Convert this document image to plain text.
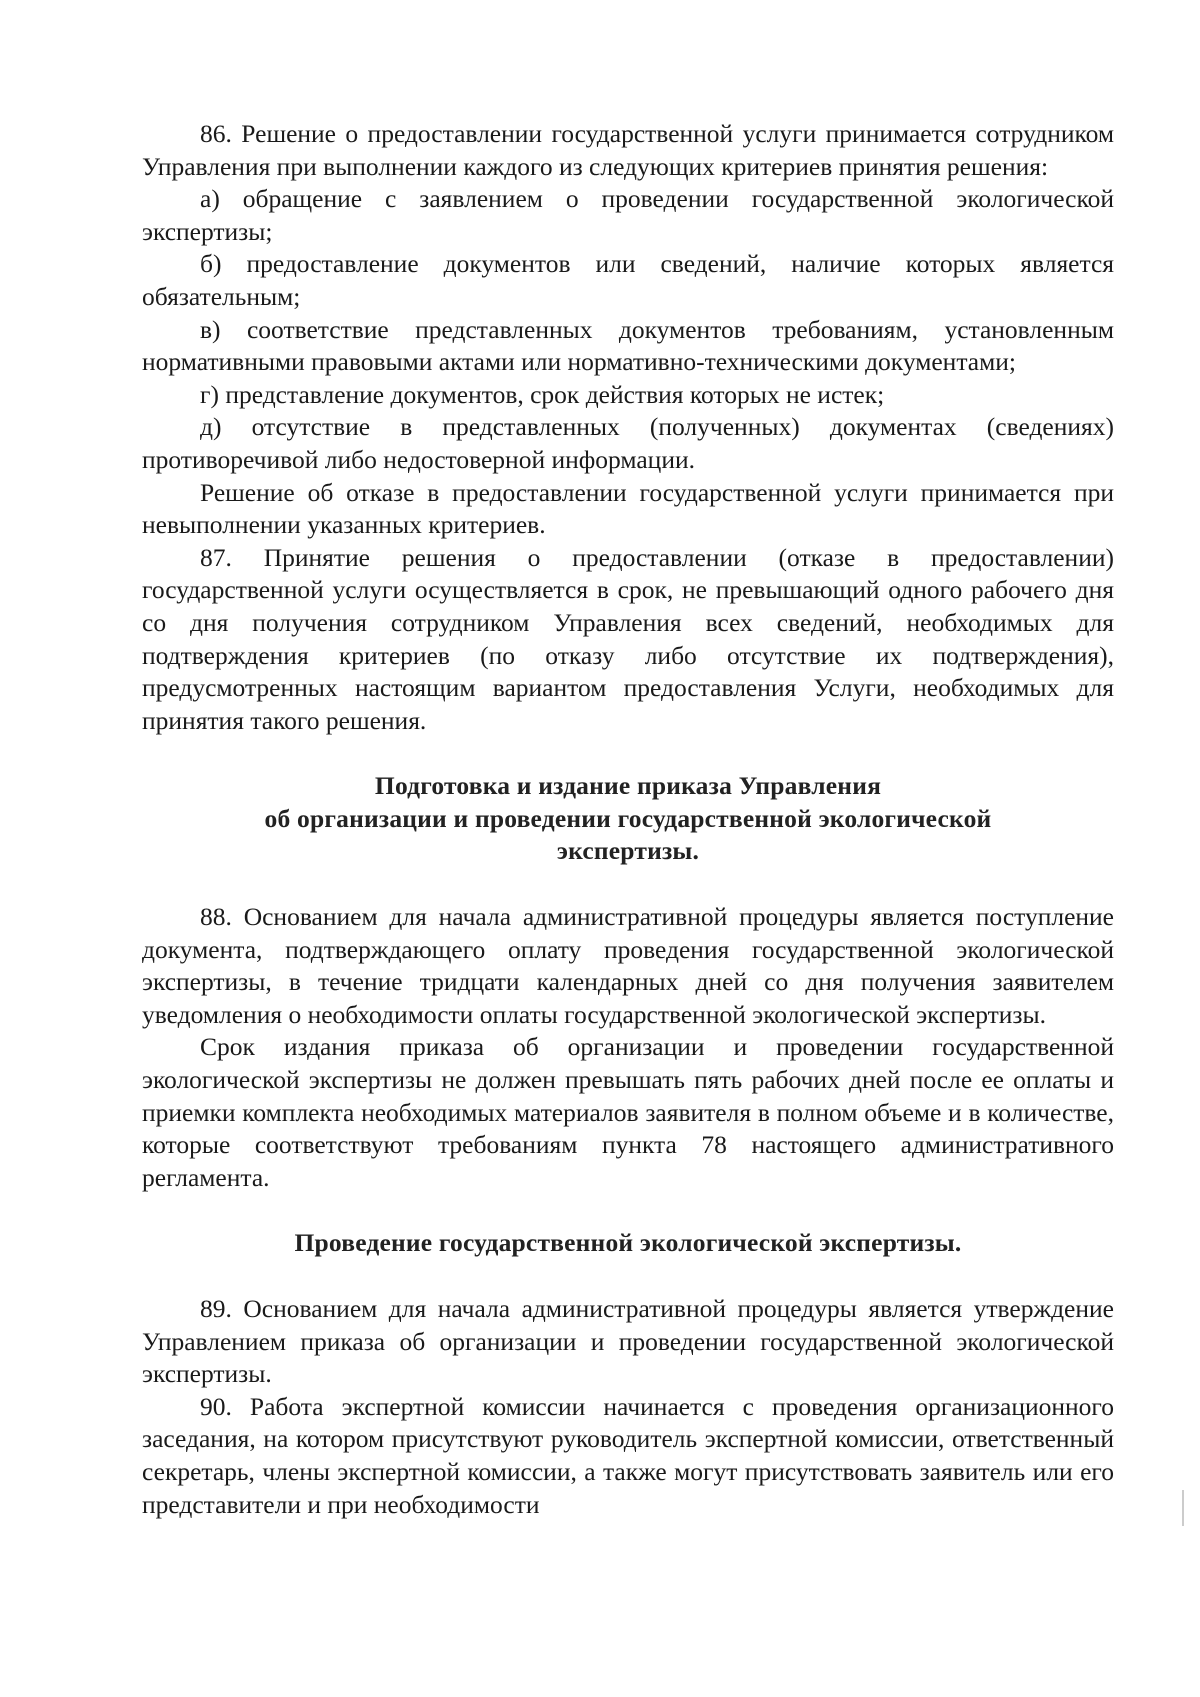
86. Решение о предоставлении государственной услуги принимается сотрудником Управления при выполнении каждого из следующих критериев принятия решения:

а) обращение с заявлением о проведении государственной экологической экспертизы;

б) предоставление документов или сведений, наличие которых является обязательным;

в) соответствие представленных документов требованиям, установленным нормативными правовыми актами или нормативно-техническими документами;

г) представление документов, срок действия которых не истек;

д) отсутствие в представленных (полученных) документах (сведениях) противоречивой либо недостоверной информации.

Решение об отказе в предоставлении государственной услуги принимается при невыполнении указанных критериев.

87. Принятие решения о предоставлении (отказе в предоставлении) государственной услуги осуществляется в срок, не превышающий одного рабочего дня со дня получения сотрудником Управления всех сведений, необходимых для подтверждения критериев (по отказу либо отсутствие их подтверждения), предусмотренных настоящим вариантом предоставления Услуги, необходимых для принятия такого решения.

Подготовка и издание приказа Управления
об организации и проведении государственной экологической
экспертизы.

88. Основанием для начала административной процедуры является поступление документа, подтверждающего оплату проведения государственной экологической экспертизы, в течение тридцати календарных дней со дня получения заявителем уведомления о необходимости оплаты государственной экологической экспертизы.

Срок издания приказа об организации и проведении государственной экологической экспертизы не должен превышать пять рабочих дней после ее оплаты и приемки комплекта необходимых материалов заявителя в полном объеме и в количестве, которые соответствуют требованиям пункта 78 настоящего административного регламента.

Проведение государственной экологической экспертизы.

89. Основанием для начала административной процедуры является утверждение Управлением приказа об организации и проведении государственной экологической экспертизы.

90. Работа экспертной комиссии начинается с проведения организационного заседания, на котором присутствуют руководитель экспертной комиссии, ответственный секретарь, члены экспертной комиссии, а также могут присутствовать заявитель или его представители и при необходимости
